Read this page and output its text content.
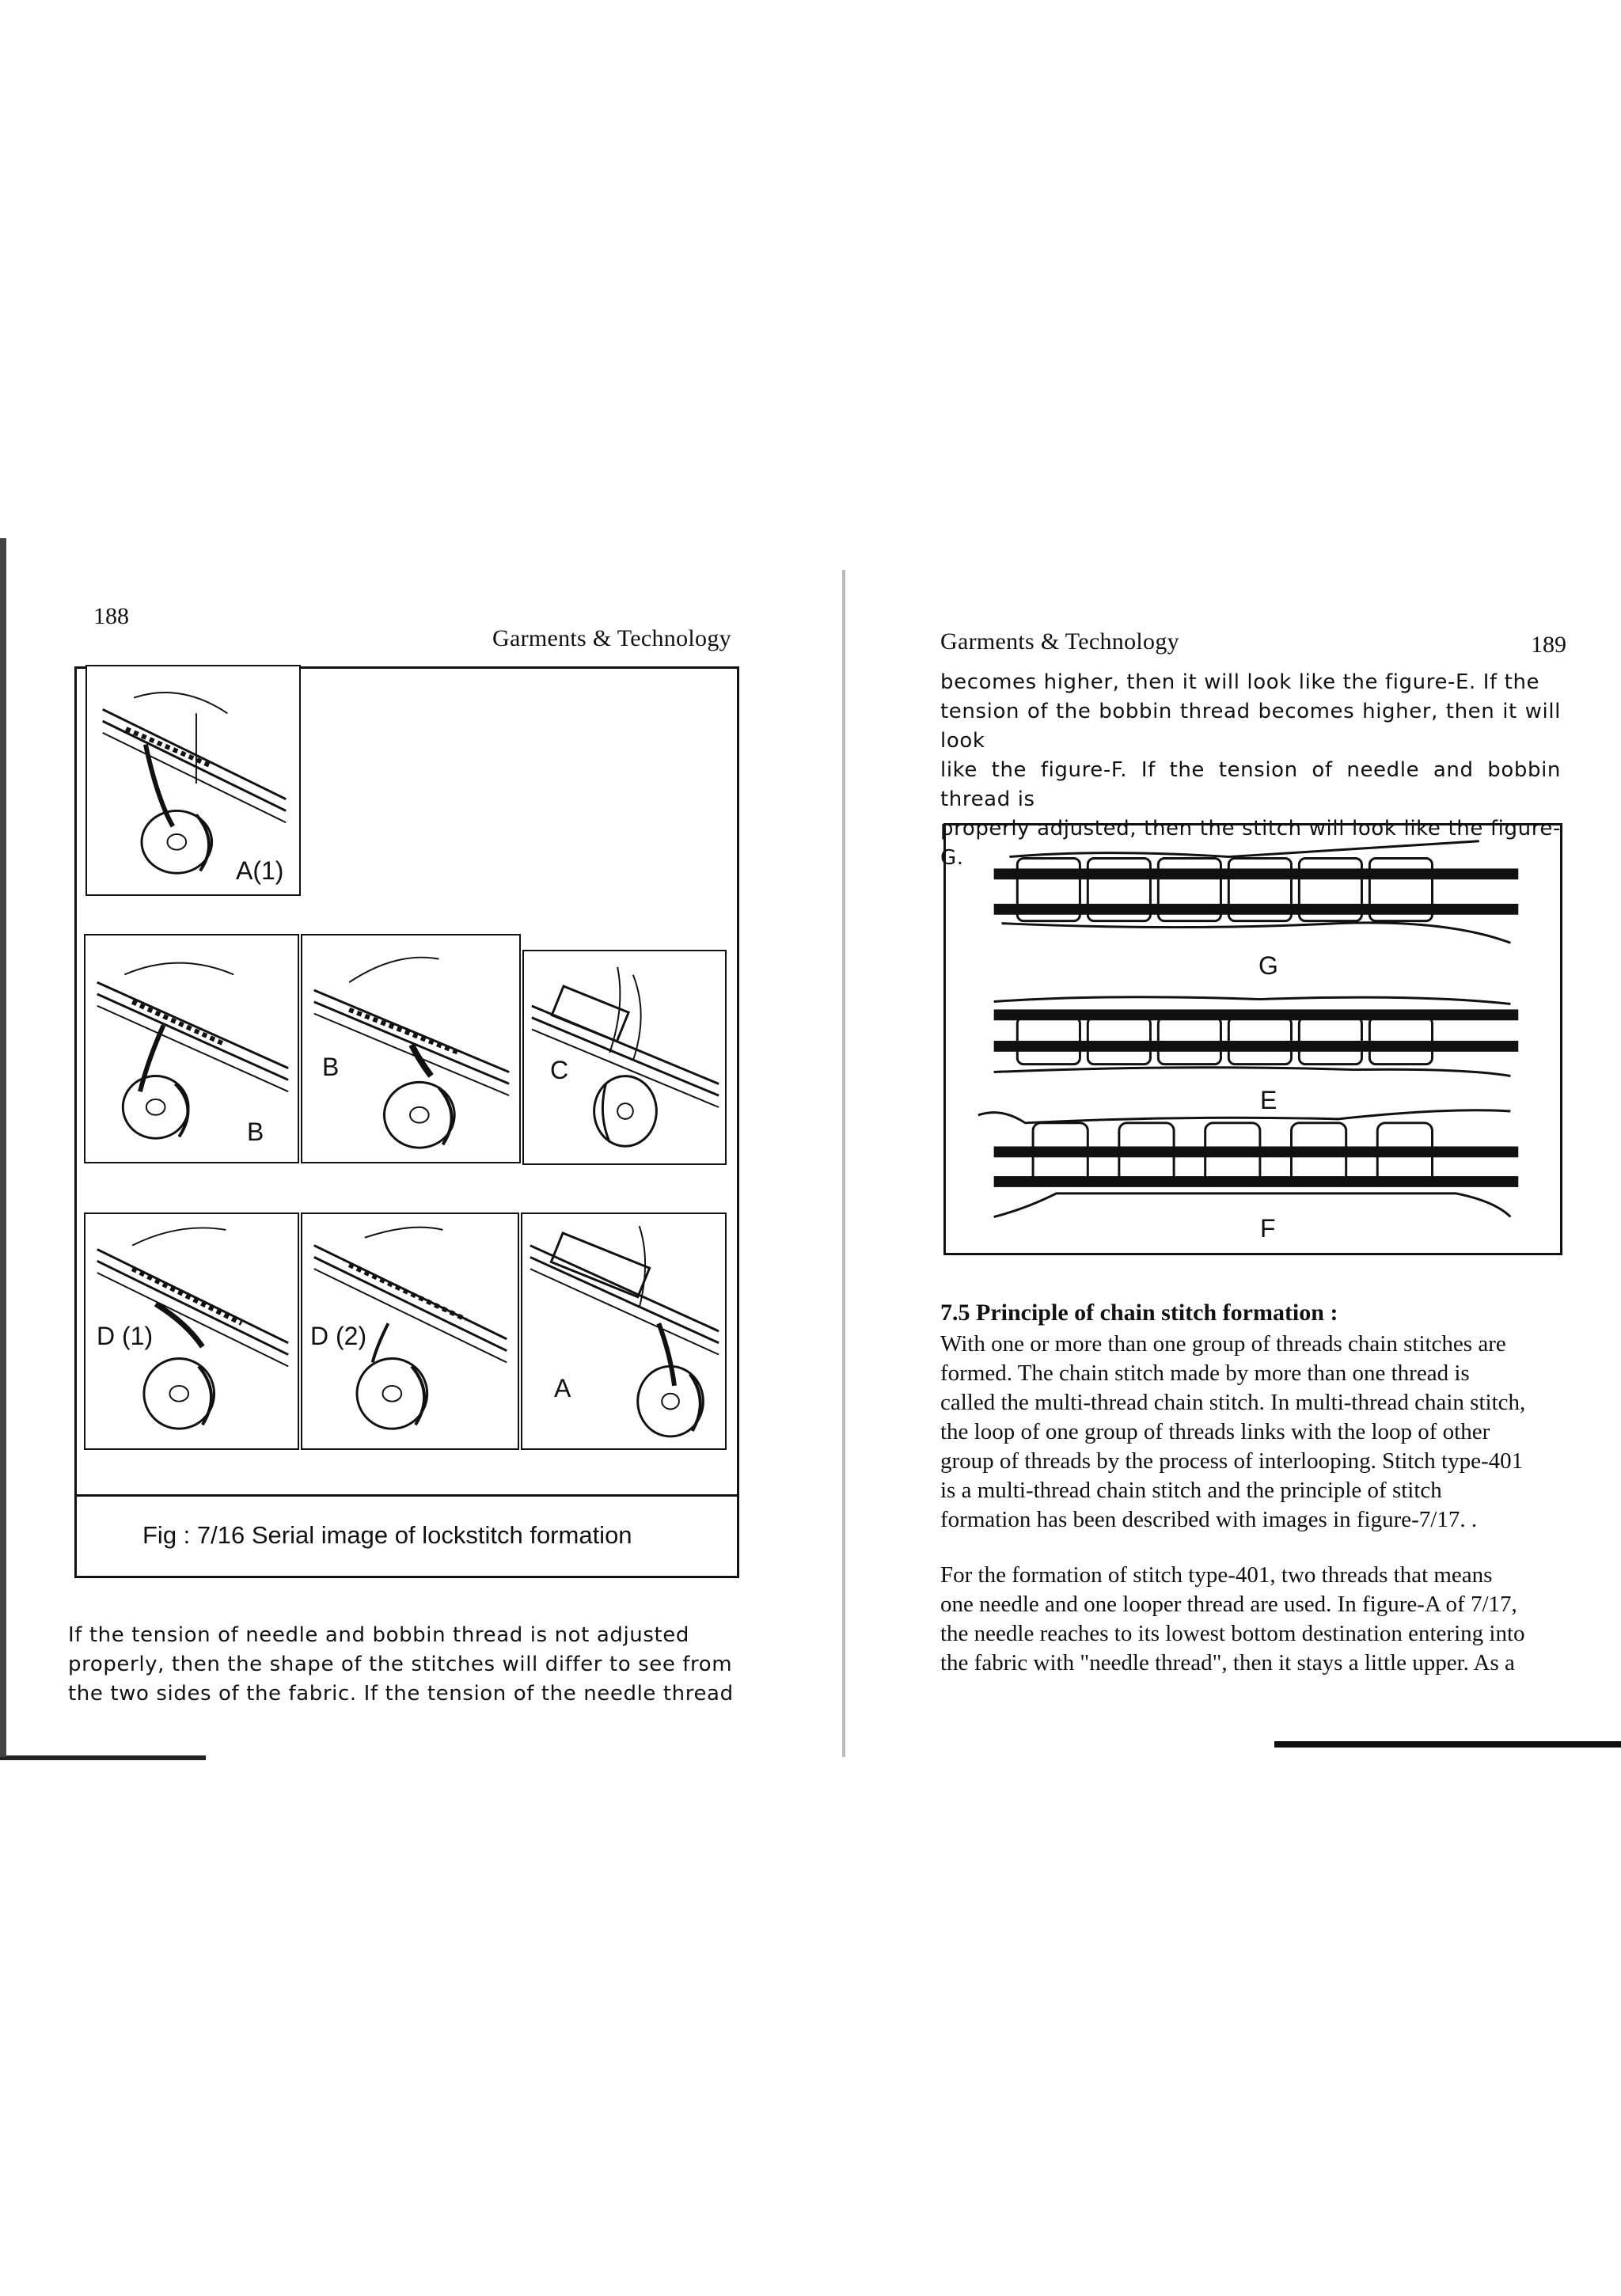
188
Garments & Technology
Fig : 7/16 Serial image of lockstitch formation
A(1)
B
B	C
D (1)	D (2)
A
If the tension of needle and bobbin thread is not adjusted
properly, then the shape of the stitches will differ to see from
the two sides of the fabric. If the tension of the needle thread
Garments & Technology	189
becomes higher, then it will look like the figure-E. If the
tension of the bobbin thread becomes higher, then it will look
like the figure-F. If the tension of needle and bobbin thread is
properly adjusted, then the stitch will look like the figure-G.
G
E
F
7.5 Principle of chain stitch formation :
With one or more than one group of threads chain stitches are
formed. The chain stitch made by more than one thread is
called the multi-thread chain stitch. In multi-thread chain stitch,
the loop of one group of threads links with the loop of other
group of threads by the process of interlooping. Stitch type-401
is a multi-thread chain stitch and the principle of stitch
formation has been described with images in figure-7/17. .
For the formation of stitch type-401, two threads that means
one needle and one looper thread are used. In figure-A of 7/17,
the needle reaches to its lowest bottom destination entering into
the fabric with "needle thread", then it stays a little upper. As a
